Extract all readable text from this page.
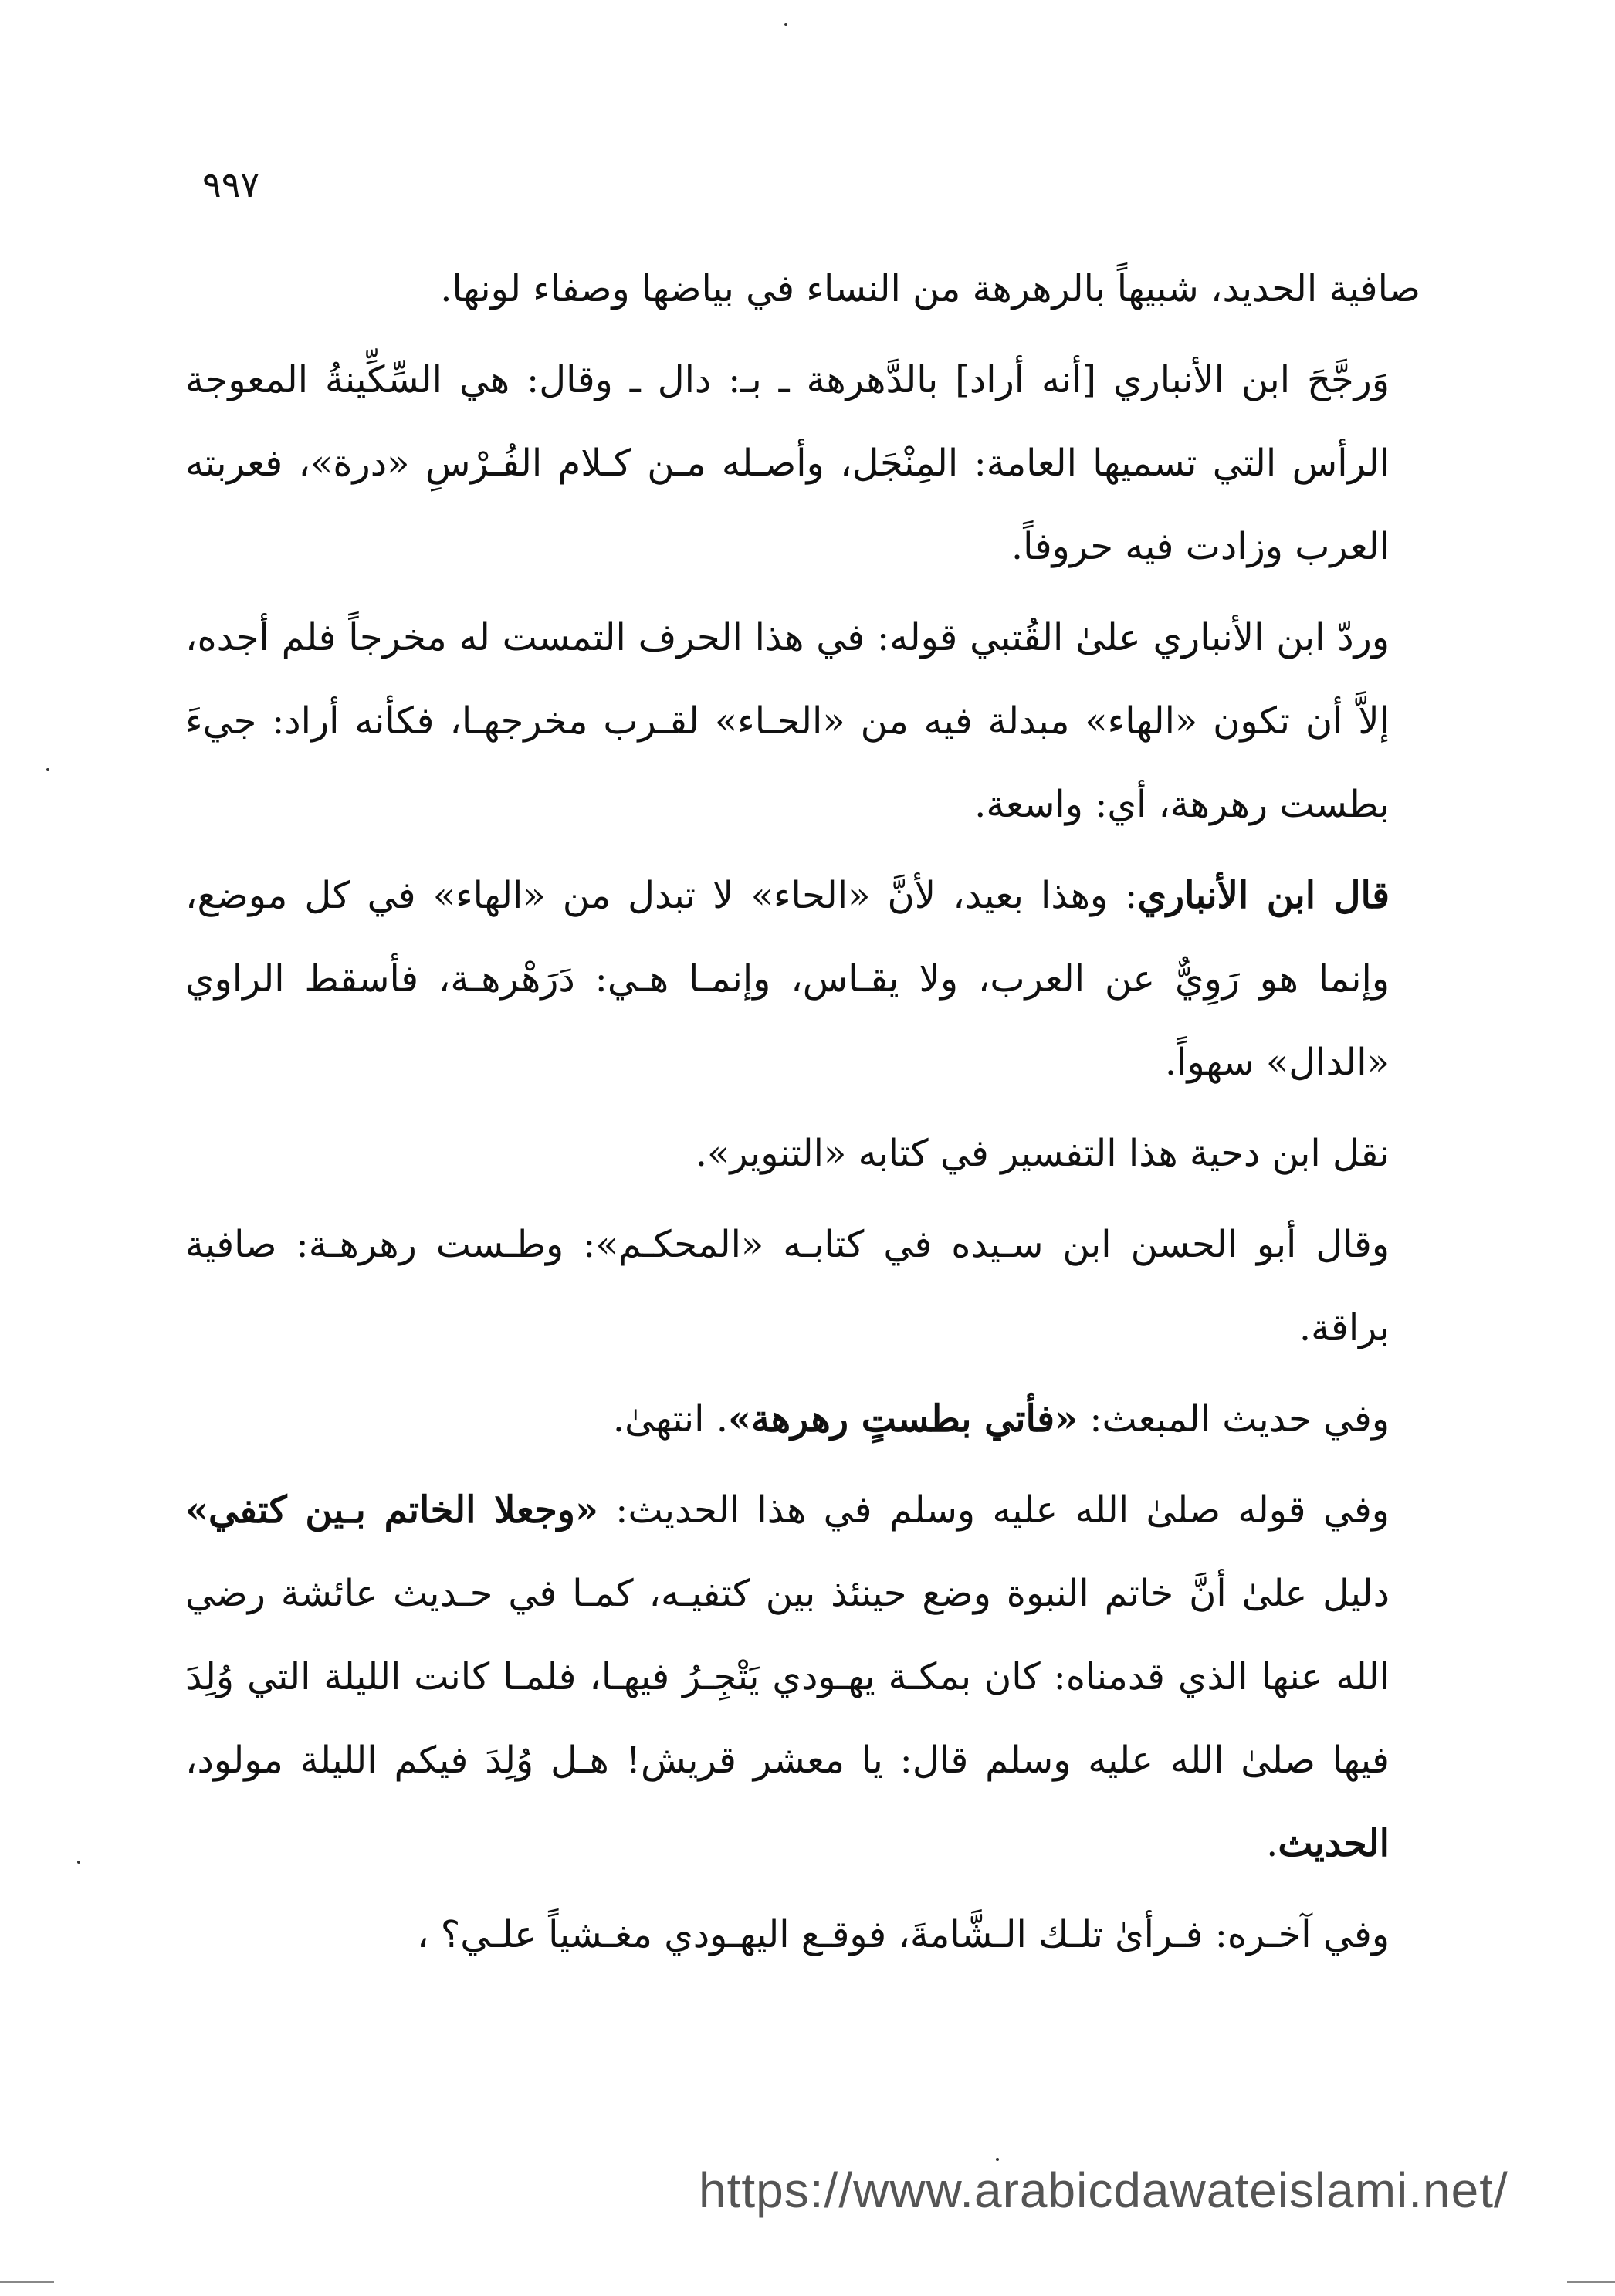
٩٩٧

صافية الحديد، شبيهاً بالرهرهة من النساء في بياضها وصفاء لونها.

وَرجَّحَ ابن الأنباري [أنه أراد] بالدَّهرهة ـ بـ: دال ـ وقال: هي السِّكِّينةُ المعوجة الرأس التي تسميها العامة: المِنْجَل، وأصـله مـن كـلام الفُـرْسِ «درة»، فعربته العرب وزادت فيه حروفاً.

وردّ ابن الأنباري علىٰ القُتبي قوله: في هذا الحرف التمست له مخرجاً فلم أجده، إلاَّ أن تكون «الهاء» مبدلة فيه من «الحـاء» لقـرب مخرجهـا، فكأنه أراد: جيءَ بطست رهرهة، أي: واسعة.

قال ابن الأنباري: وهذا بعيد، لأنَّ «الحاء» لا تبدل من «الهاء» في كل موضع، وإنما هو رَوِيٌّ عن العرب، ولا يقـاس، وإنمـا هـي: دَرَهْرهـة، فأسقط الراوي «الدال» سهواً.

نقل ابن دحية هذا التفسير في كتابه «التنوير».

وقال أبو الحسن ابن سـيده في كتابـه «المحكـم»: وطـست رهرهـة: صافية براقة.

وفي حديث المبعث: «فأتي بطستٍ رهرهة». انتهىٰ.

وفي قوله صلىٰ الله عليه وسلم في هذا الحديث: «وجعلا الخاتم بـين كتفي» دليل علىٰ أنَّ خاتم النبوة وضع حينئذ بين كتفيـه، كمـا في حـديث عائشة رضي الله عنها الذي قدمناه: كان بمكـة يهـودي يَتْجِـرُ فيهـا، فلمـا كانت الليلة التي وُلِدَ فيها صلىٰ الله عليه وسلم قال: يا معشر قريش! هـل وُلِدَ فيكم الليلة مولود، الحديث.

وفي آخـره: فـرأىٰ تلـك الـشَّامةَ، فوقـع اليهـودي مغـشياً علـي؟ ،

https://www.arabicdawateislami.net/
